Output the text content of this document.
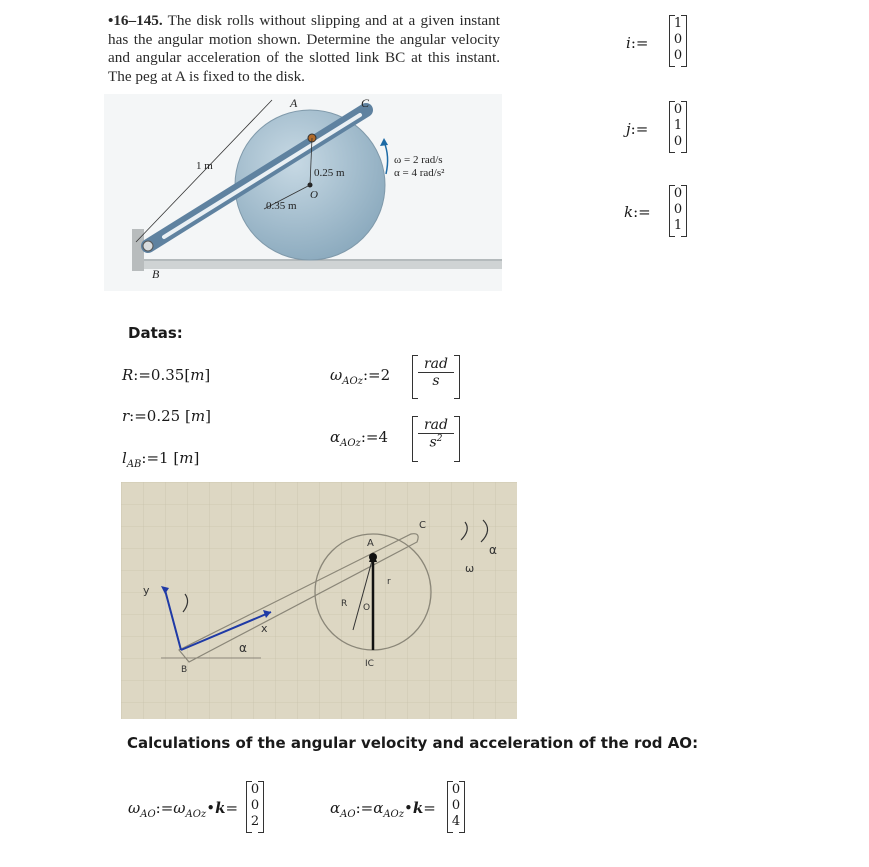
•16–145. The disk rolls without slipping and at a given instant has the angular motion shown. Determine the angular velocity and angular acceleration of the slotted link BC at this instant. The peg at A is fixed to the disk.
A	C
B
O
1 m
0.25 m
0.35 m
ω = 2 rad/s
α = 4 rad/s²
i:=
1
0
0
j:=
0
1
0
k:=
0
0
1
Datas:
R:=0.35[m]
r:=0.25 [m]
$l_{AB}:=1$ [m]
$\omega_{AOz}:=2$
rad
s
$\alpha_{AOz}:=4$
rad
$s^2$
A
C
B
O
R
r
IC
x
y
α
α
ω
Calculations of the angular velocity and acceleration of the rod AO:
$\omega_{AO}:=\omega_{AOz}•k=$
0
0
2
$\alpha_{AO}:=\alpha_{AOz}•k=$
0
0
4
